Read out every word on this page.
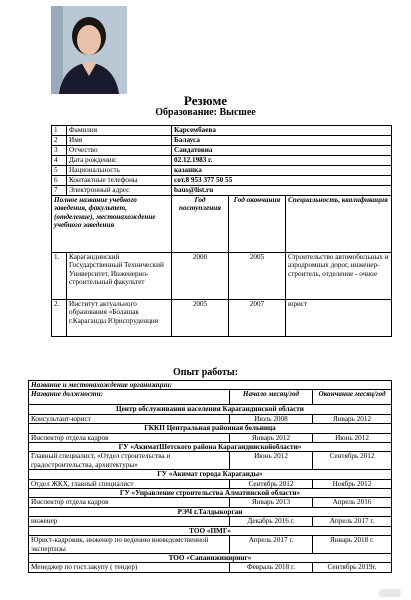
Резюме
Образование: Высшее
1	Фамилия	Карсембаева		
2	Имя	Балауса		
3	Отчество	Саидатовна		
4	Дата рождения:	02.12.1983 г.		
5	Национальность	казашка		
6	Контактные телефоны	сот.8 953 377 50 55		
7	Электронный адрес	baus@list.ru		
Полное название учебного заведения, факультет, (отделение), местонахождение учебного заведения		Год поступления	Год окончания	Специальность, квалификация
1.	Карагандинский Государственный Технический Университет, Инженерно-строительный факультет	2000	2005	Строительство автомобильных и аэродромных дорог, инженер-строитель, отделение - очное
2.	Институт актуального образования «Болашак г.Караганды Юриспруденция	2005	2007	юрист
Опыт работы:
Название и местонахождение организации:		
Название должности:	Начало месяц/год	Окончание месяц/год
Центр обслуживания населения Карагандинской области		
Консультант-юрист	Июль 2008	Январь 2012
ГККП Центральная районная больница		
Инспектор отдела кадров	Январь 2012	Июнь 2012
ГУ «АкиматШетского района Карагандинскойобласти»		
Главный специалист, «Отдел строительства и градостроительства, архитектуры»	Июнь 2012	Сентябрь 2012
ГУ «Акимат города Караганды»		
Отдел ЖКХ, главный специалист	Сентябрь 2012	Ноябрь 2012
ГУ «Управление строительства Алматинской области»		
Инспектор отдела кадров	Январь 2013	Апрель 2016
РЭЧ г.Талдыкорган		
инженер	Декабрь 2016 г.	Апрель 2017 г.
ТОО «ПМГ»		
Юрист-кадровик, инженер по ведению вневедомственной экспертизы	Апрель 2017 г.	Январь 2018 г.
ТОО «Сапаинжиниринг»		
Менеджер по гост.закупу ( тендер)	Февраль 2018 г.	Сентябрь 2019г.
